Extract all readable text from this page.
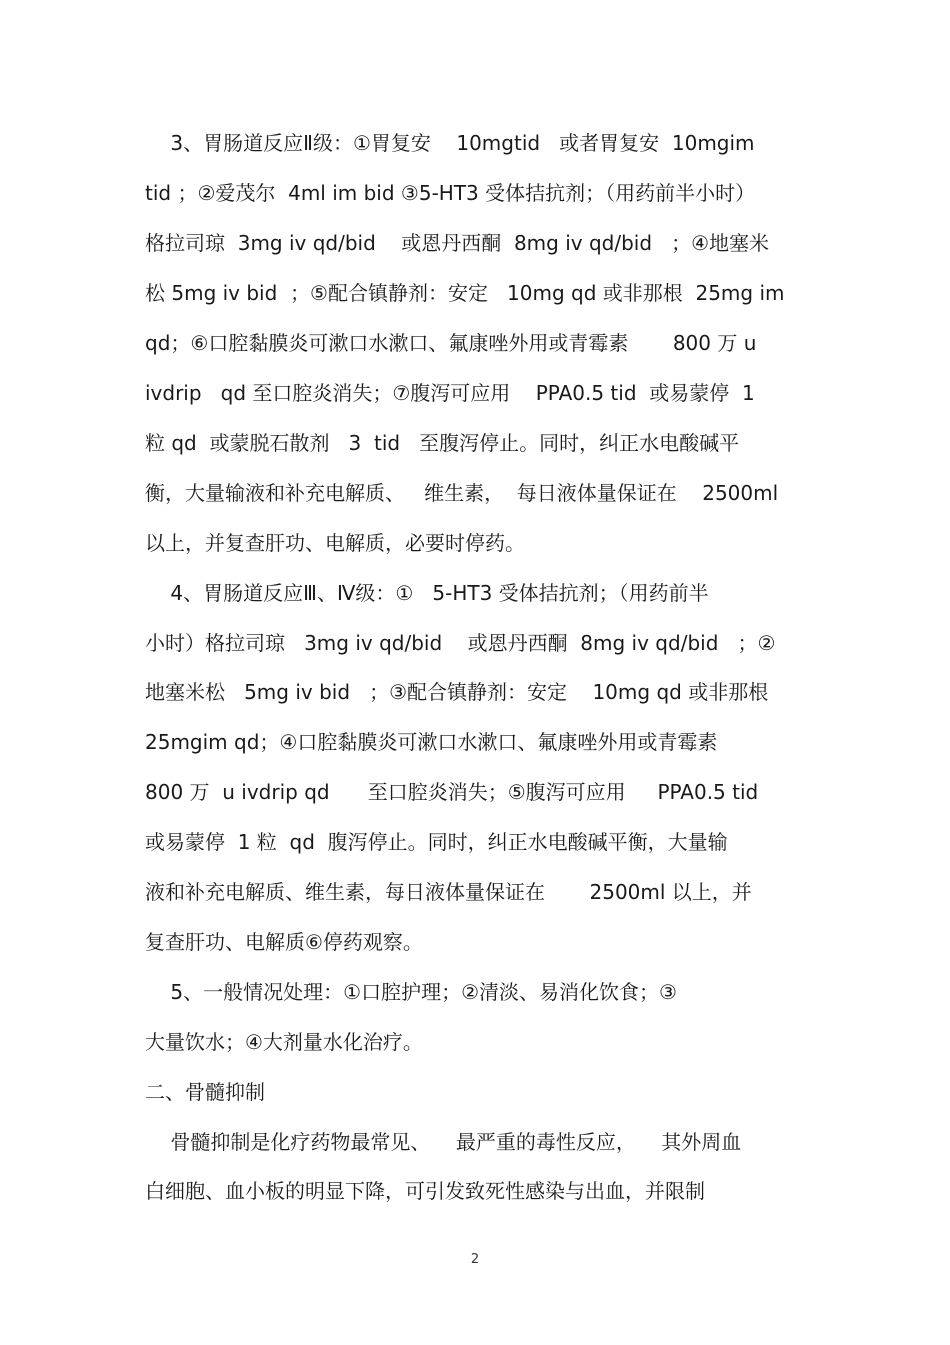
3、胃肠道反应Ⅱ级：①胃复安    10mgtid   或者胃复安  10mgim
tid ；②爱茂尔  4ml im bid ③5-HT3 受体拮抗剂；（用药前半小时）
格拉司琼  3mg iv qd/bid    或恩丹西酮  8mg iv qd/bid   ；④地塞米
松 5mg iv bid  ；⑤配合镇静剂：安定   10mg qd 或非那根  25mg im
qd；⑥口腔黏膜炎可漱口水漱口、氟康唑外用或青霉素       800 万 u
ivdrip   qd 至口腔炎消失；⑦腹泻可应用    PPA0.5 tid  或易蒙停  1
粒 qd  或蒙脱石散剂   3  tid   至腹泻停止。同时，纠正水电酸碱平
衡，大量输液和补充电解质、   维生素，  每日液体量保证在    2500ml
以上，并复查肝功、电解质，必要时停药。
4、胃肠道反应Ⅲ、Ⅳ级：①   5-HT3 受体拮抗剂；（用药前半
小时）格拉司琼   3mg iv qd/bid    或恩丹西酮  8mg iv qd/bid   ；②
地塞米松   5mg iv bid   ；③配合镇静剂：安定    10mg qd 或非那根
25mgim qd；④口腔黏膜炎可漱口水漱口、氟康唑外用或青霉素
800 万  u ivdrip qd      至口腔炎消失；⑤腹泻可应用     PPA0.5 tid
或易蒙停  1 粒  qd  腹泻停止。同时，纠正水电酸碱平衡，大量输
液和补充电解质、维生素，每日液体量保证在       2500ml 以上，并
复查肝功、电解质⑥停药观察。
5、一般情况处理：①口腔护理；②清淡、易消化饮食；③
大量饮水；④大剂量水化治疗。
二、骨髓抑制
骨髓抑制是化疗药物最常见、    最严重的毒性反应，    其外周血
白细胞、血小板的明显下降，可引发致死性感染与出血，并限制
2
